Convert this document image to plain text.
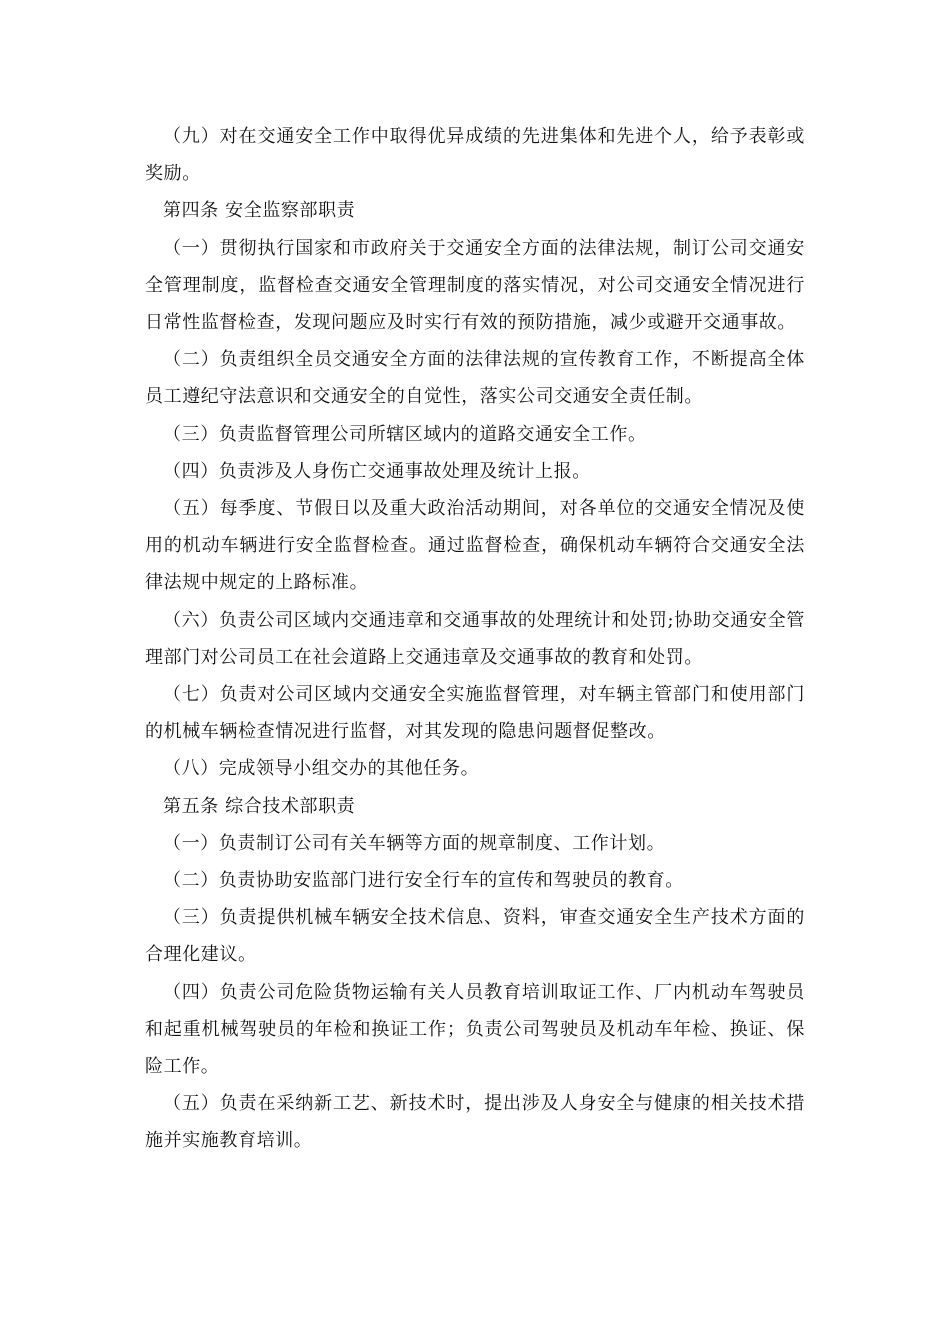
（九）对在交通安全工作中取得优异成绩的先进集体和先进个人，给予表彰或奖励。

第四条 安全监察部职责

（一）贯彻执行国家和市政府关于交通安全方面的法律法规，制订公司交通安全管理制度，监督检查交通安全管理制度的落实情况，对公司交通安全情况进行日常性监督检查，发现问题应及时实行有效的预防措施，减少或避开交通事故。

（二）负责组织全员交通安全方面的法律法规的宣传教育工作，不断提高全体员工遵纪守法意识和交通安全的自觉性，落实公司交通安全责任制。

（三）负责监督管理公司所辖区域内的道路交通安全工作。

（四）负责涉及人身伤亡交通事故处理及统计上报。

（五）每季度、节假日以及重大政治活动期间，对各单位的交通安全情况及使用的机动车辆进行安全监督检查。通过监督检查，确保机动车辆符合交通安全法律法规中规定的上路标准。

（六）负责公司区域内交通违章和交通事故的处理统计和处罚;协助交通安全管理部门对公司员工在社会道路上交通违章及交通事故的教育和处罚。

（七）负责对公司区域内交通安全实施监督管理，对车辆主管部门和使用部门的机械车辆检查情况进行监督，对其发现的隐患问题督促整改。

（八）完成领导小组交办的其他任务。

第五条 综合技术部职责

（一）负责制订公司有关车辆等方面的规章制度、工作计划。

（二）负责协助安监部门进行安全行车的宣传和驾驶员的教育。

（三）负责提供机械车辆安全技术信息、资料，审查交通安全生产技术方面的合理化建议。

（四）负责公司危险货物运输有关人员教育培训取证工作、厂内机动车驾驶员和起重机械驾驶员的年检和换证工作；负责公司驾驶员及机动车年检、换证、保险工作。

（五）负责在采纳新工艺、新技术时，提出涉及人身安全与健康的相关技术措施并实施教育培训。
